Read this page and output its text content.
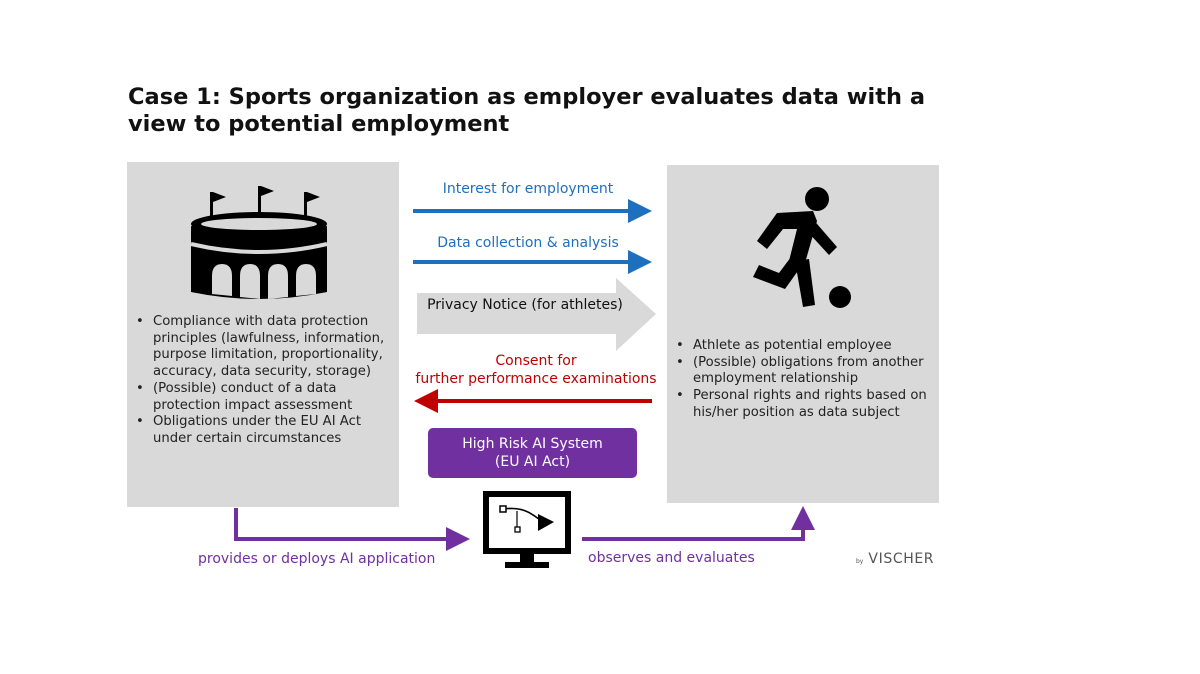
Case 1: Sports organization as employer evaluates data with a view to potential employment
• Compliance with data protection principles (lawfulness, information, purpose limitation, proportionality, accuracy, data security, storage)
• (Possible) conduct of a data protection impact assessment
• Obligations under the EU AI Act under certain circumstances
• Athlete as potential employee
• (Possible) obligations from another employment relationship
• Personal rights and rights based on his/her position as data subject
Interest for employment
Data collection & analysis
Privacy Notice (for athletes)
Consent for
further performance examinations
High Risk AI System
(EU AI Act)
provides or deploys AI application	observes and evaluates	by VISCHER
